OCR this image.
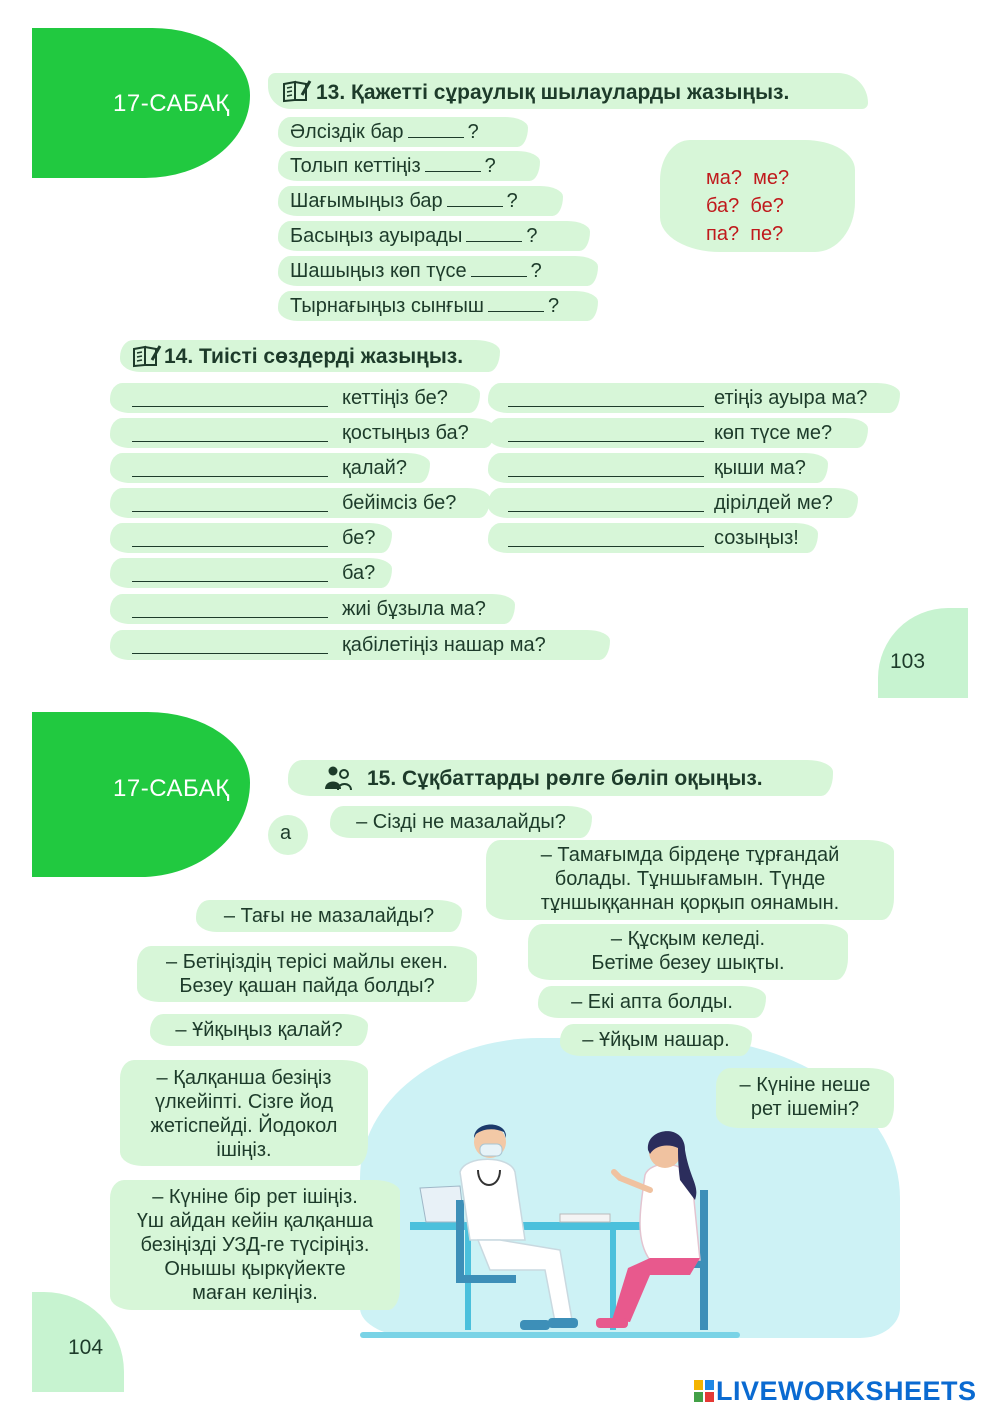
17-САБАҚ	13. Қажетті сұраулық шылауларды жазыңыз.
Әлсіздік бар	?
Толып кеттіңіз	?
Шағымыңыз бар	?
Басыңыз ауырады	?
Шашыңыз көп түсе	?
Тырнағыңыз сынғыш	?
ма?  ме?
ба?  бе?
па?  пе?
14. Тиісті сөздерді жазыңыз.
кеттіңіз бе?
қостыңыз ба?
қалай?
бейімсіз бе?
бе?
ба?
жиі бұзыла ма?
қабілетіңіз нашар ма?
етіңіз ауыра ма?
көп түсе ме?
қыши ма?
дірілдей ме?
созыңыз!
103
17-САБАҚ	15. Сұқбаттарды рөлге бөліп оқыңыз.
а	– Сізді не мазалайды?
– Тамағымда бірдеңе тұрғандай
болады. Тұншығамын. Түнде
тұншыққаннан қорқып оянамын.
– Тағы не мазалайды?
– Құсқым келеді.
Бетіме безеу шықты.
– Бетіңіздің терісі майлы екен.
Безеу қашан пайда болды?
– Екі апта болды.
– Ұйқыңыз қалай?	– Ұйқым нашар.
– Қалқанша безіңіз
үлкейіпті. Сізге йод
жетіспейді. Йодокол
ішіңіз.
– Күніне неше
рет ішемін?
– Күніне бір рет ішіңіз.
Үш айдан кейін қалқанша
безіңізді УЗД-ге түсіріңіз.
Онышы қыркүйекте
маған келіңіз.
104
LIVEWORKSHEETS
